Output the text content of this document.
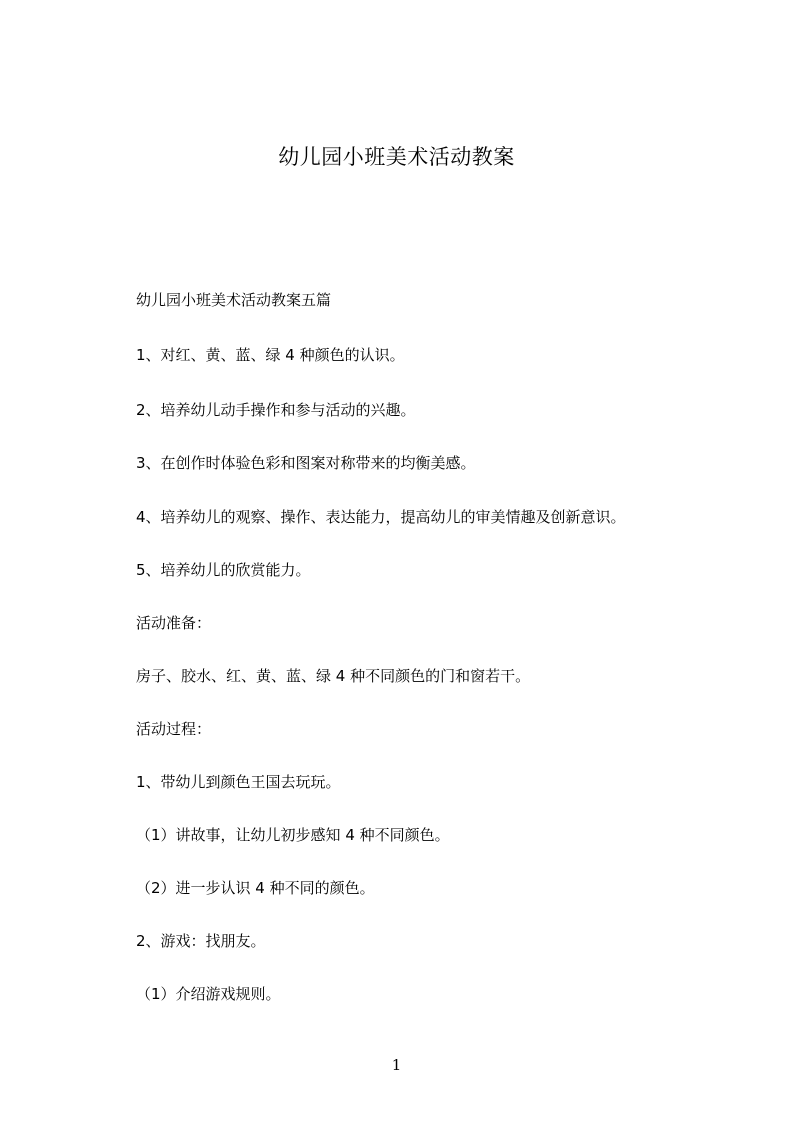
幼儿园小班美术活动教案
幼儿园小班美术活动教案五篇
1、对红、黄、蓝、绿 4 种颜色的认识。
2、培养幼儿动手操作和参与活动的兴趣。
3、在创作时体验色彩和图案对称带来的均衡美感。
4、培养幼儿的观察、操作、表达能力，提高幼儿的审美情趣及创新意识。
5、培养幼儿的欣赏能力。
活动准备：
房子、胶水、红、黄、蓝、绿 4 种不同颜色的门和窗若干。
活动过程：
1、带幼儿到颜色王国去玩玩。
（1）讲故事，让幼儿初步感知 4 种不同颜色。
（2）进一步认识 4 种不同的颜色。
2、游戏：找朋友。
（1）介绍游戏规则。
1
